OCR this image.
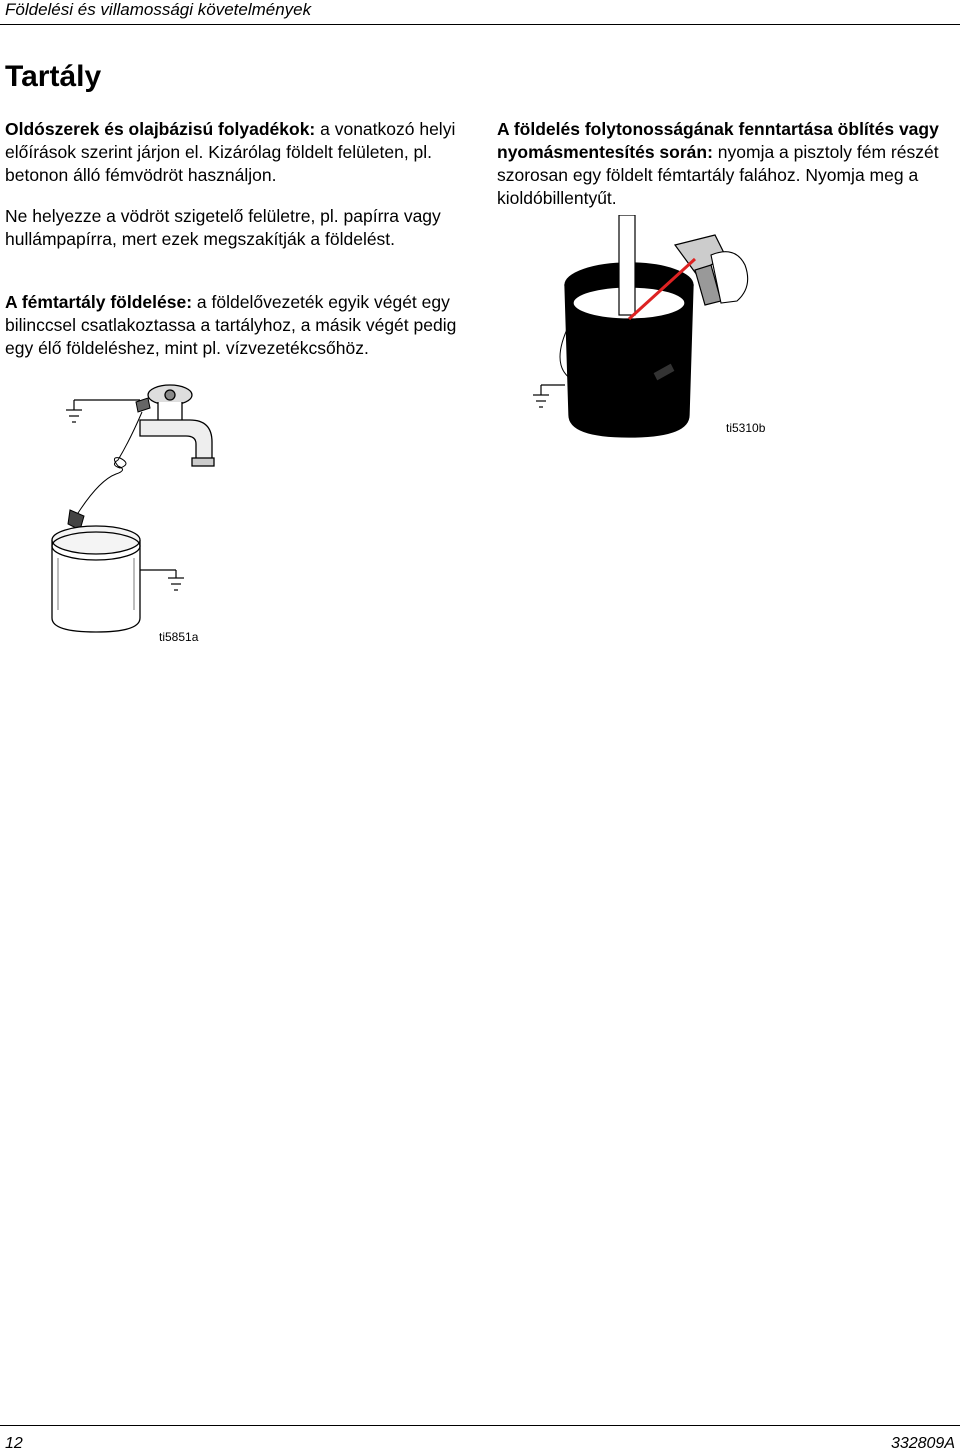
Földelési és villamossági követelmények
Tartály

Oldószerek és olajbázisú folyadékok: a vonatkozó helyi előírások szerint járjon el. Kizárólag földelt felületen, pl. betonon álló fémvödröt használjon.

Ne helyezze a vödröt szigetelő felületre, pl. papírra vagy hullámpapírra, mert ezek megszakítják a földelést.

A fémtartály földelése: a földelővezeték egyik végét egy bilinccsel csatlakoztassa a tartályhoz, a másik végét pedig egy élő földeléshez, mint pl. vízvezetékcsőhöz.

A földelés folytonosságának fenntartása öblítés vagy nyomásmentesítés során: nyomja a pisztoly fém részét szorosan egy földelt fémtartály falához. Nyomja meg a kioldóbillentyűt.

ti5851a
ti5310b
12	332809A
